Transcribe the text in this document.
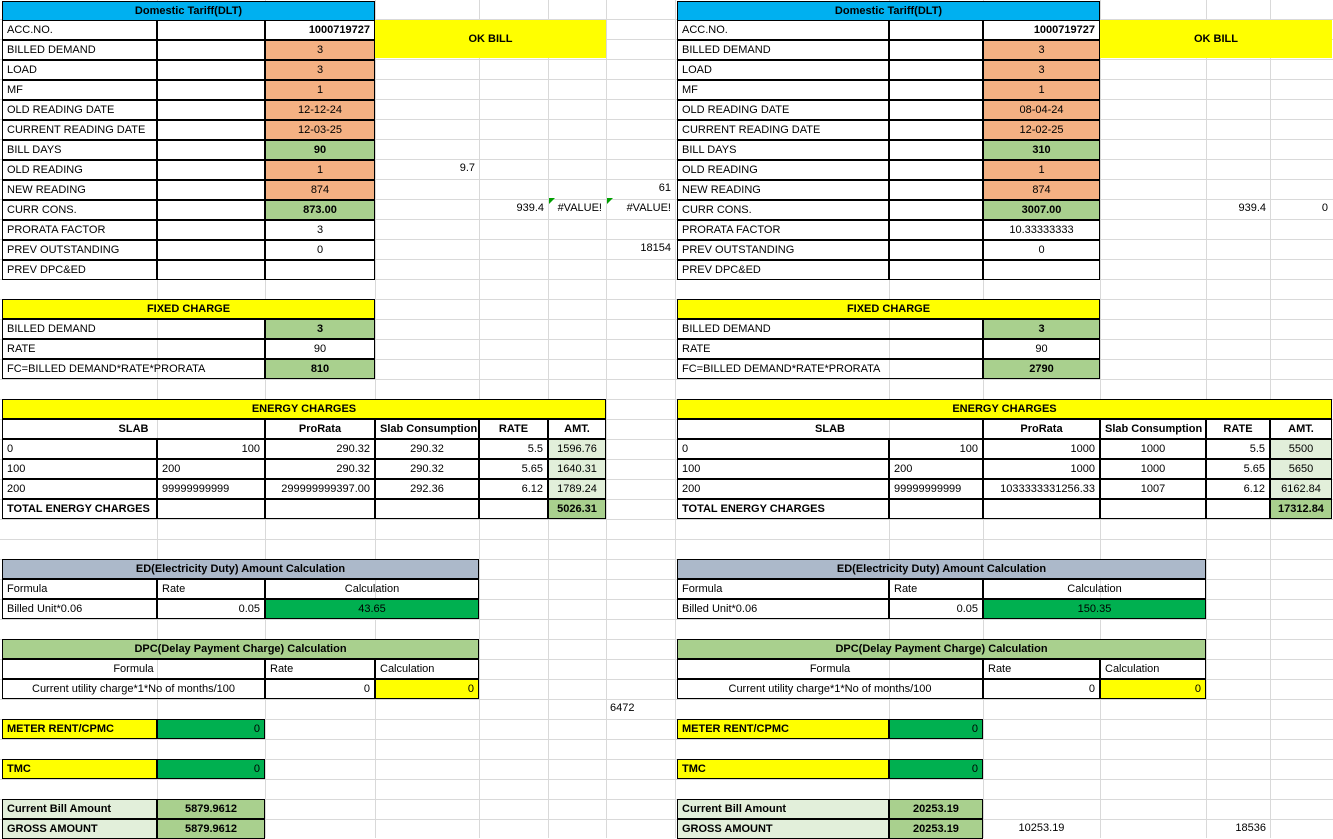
Domestic Tariff(DLT)
OK BILL
ACC.NO.	1000719727
BILLED DEMAND	3
LOAD	3
MF	1
OLD READING DATE	12-12-24
CURRENT READING DATE	12-03-25
BILL DAYS	90
OLD READING	1
NEW READING	874
CURR CONS.	873.00
PRORATA FACTOR	3
PREV OUTSTANDING	0
PREV DPC&ED
FIXED CHARGE
BILLED DEMAND	3
RATE	90
FC=BILLED DEMAND*RATE*PRORATA	810
ENERGY CHARGES
SLAB	ProRata	Slab Consumption	RATE	AMT.
0	100	290.32	290.32	5.5	1596.76
100	200	290.32	290.32	5.65	1640.31
200	99999999999	299999999397.00	292.36	6.12	1789.24
TOTAL ENERGY CHARGES	5026.31
ED(Electricity Duty) Amount Calculation
Formula	Rate	Calculation
Billed Unit*0.06	0.05	43.65
DPC(Delay Payment Charge) Calculation
Formula	Rate	Calculation
Current utility charge*1*No of months/100	0	0
METER RENT/CPMC	0
TMC	0
Current Bill Amount	5879.9612
GROSS AMOUNT	5879.9612
Domestic Tariff(DLT)
OK BILL
ACC.NO.	1000719727
BILLED DEMAND	3
LOAD	3
MF	1
OLD READING DATE	08-04-24
CURRENT READING DATE	12-02-25
BILL DAYS	310
OLD READING	1
NEW READING	874
CURR CONS.	3007.00
PRORATA FACTOR	10.33333333
PREV OUTSTANDING	0
PREV DPC&ED
FIXED CHARGE
BILLED DEMAND	3
RATE	90
FC=BILLED DEMAND*RATE*PRORATA	2790
ENERGY CHARGES
SLAB	ProRata	Slab Consumption	RATE	AMT.
0	100	1000	1000	5.5	5500
100	200	1000	1000	5.65	5650
200	99999999999	1033333331256.33	1007	6.12	6162.84
TOTAL ENERGY CHARGES	17312.84
ED(Electricity Duty) Amount Calculation
Formula	Rate	Calculation
Billed Unit*0.06	0.05	150.35
DPC(Delay Payment Charge) Calculation
Formula	Rate	Calculation
Current utility charge*1*No of months/100	0	0
METER RENT/CPMC	0
TMC	0
Current Bill Amount	20253.19
GROSS AMOUNT	20253.19
9.7
939.4	#VALUE!	#VALUE!
61
18154
6472
939.4	0
10253.19	18536
